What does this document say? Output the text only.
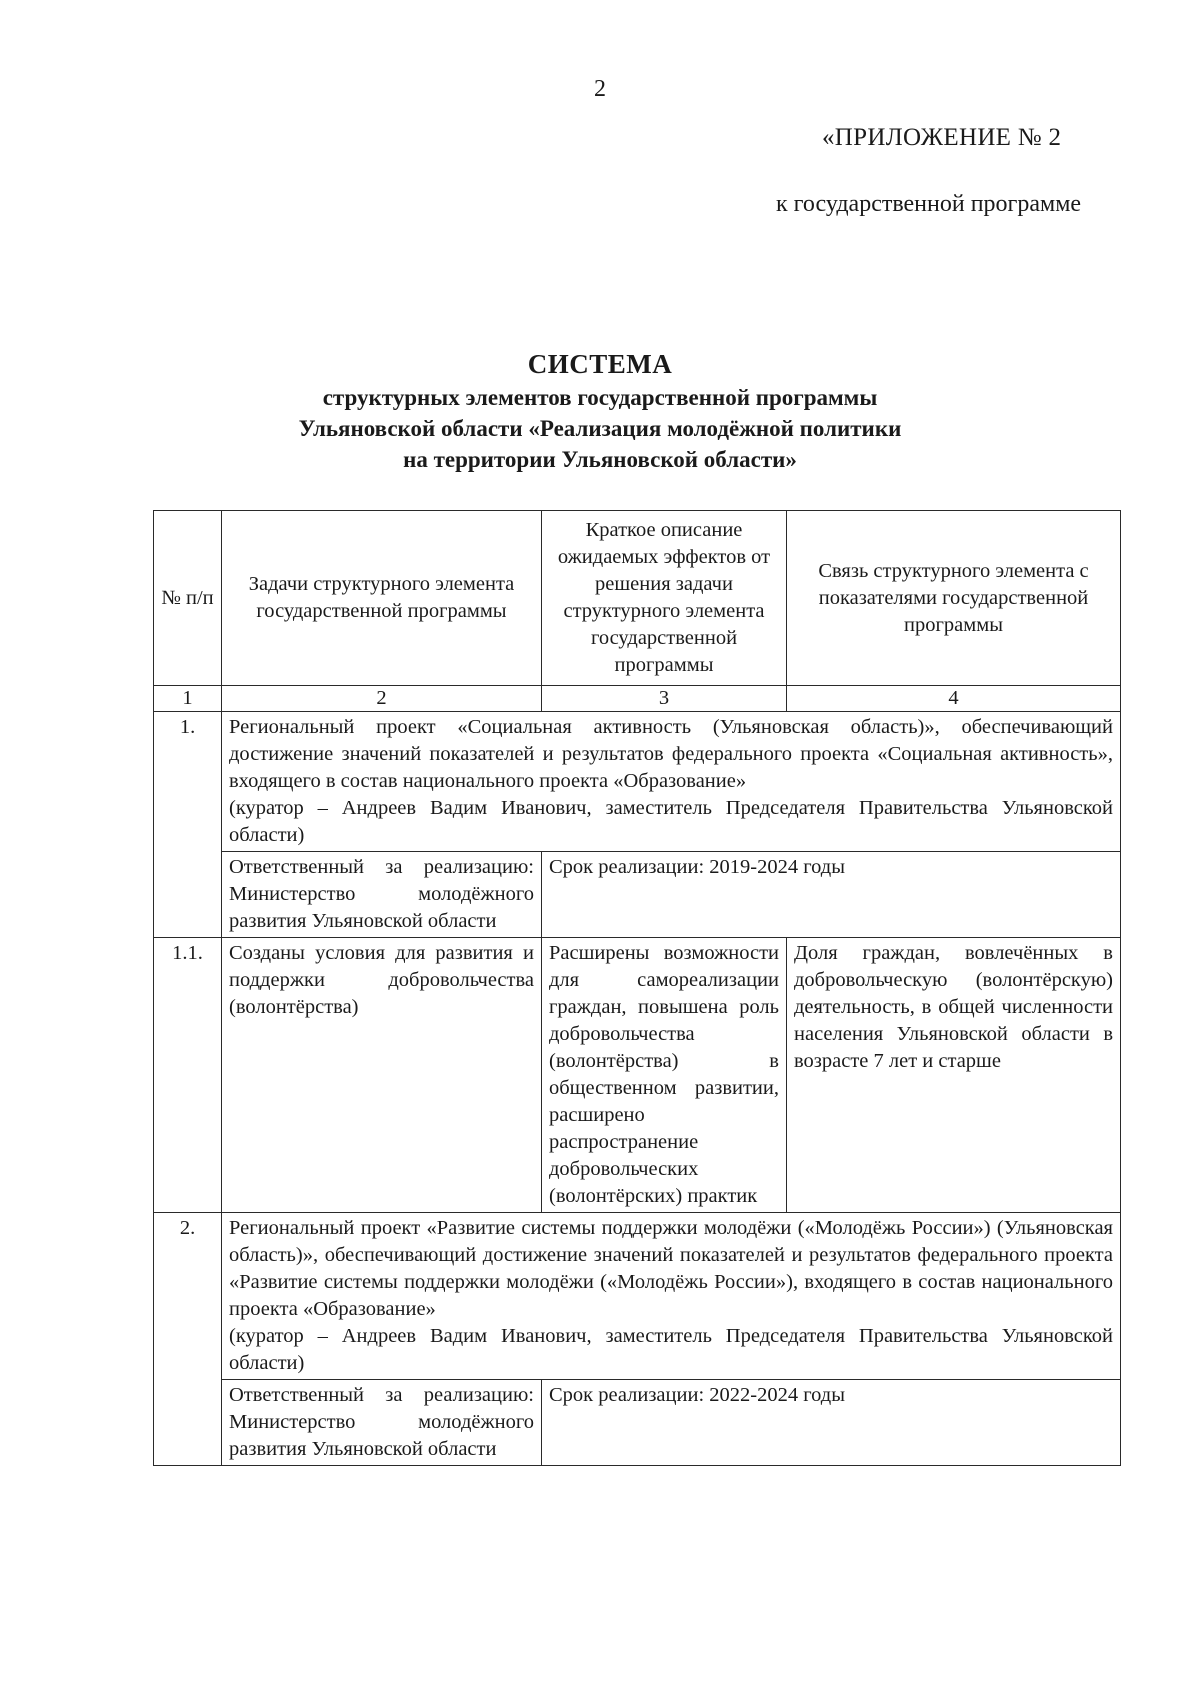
2
«ПРИЛОЖЕНИЕ № 2
к государственной программе
СИСТЕМА
структурных элементов государственной программы
Ульяновской области «Реализация молодёжной политики
на территории Ульяновской области»
№ п/п	Задачи структурного элемента государственной программы	Краткое описание ожидаемых эффектов от решения задачи структурного элемента государственной программы	Связь структурного элемента с показателями государственной программы
1	2	3	4
1.	Региональный проект «Социальная активность (Ульяновская область)», обеспечивающий достижение значений показателей и результатов федерального проекта «Социальная активность», входящего в состав национального проекта «Образование»
(куратор – Андреев Вадим Иванович, заместитель Председателя Правительства Ульяновской области)		

	Ответственный за реализацию: Министерство молодёжного развития Ульяновской области	Срок реализации: 2019-2024 годы	
1.1.	Созданы условия для развития и поддержки добровольчества (волонтёрства)	Расширены возможности для самореализации граждан, повышена роль добровольчества (волонтёрства) в общественном развитии, расширено распространение добровольческих (волонтёрских) практик	Доля граждан, вовлечённых в добровольческую (волонтёрскую) деятельность, в общей численности населения Ульяновской области в возрасте 7 лет и старше
2.	Региональный проект «Развитие системы поддержки молодёжи («Молодёжь России») (Ульяновская область)», обеспечивающий достижение значений показателей и результатов федерального проекта «Развитие системы поддержки молодёжи («Молодёжь России»), входящего в состав национального проекта «Образование»
(куратор – Андреев Вадим Иванович, заместитель Председателя Правительства Ульяновской области)		

	Ответственный за реализацию: Министерство молодёжного развития Ульяновской области	Срок реализации: 2022-2024 годы	
